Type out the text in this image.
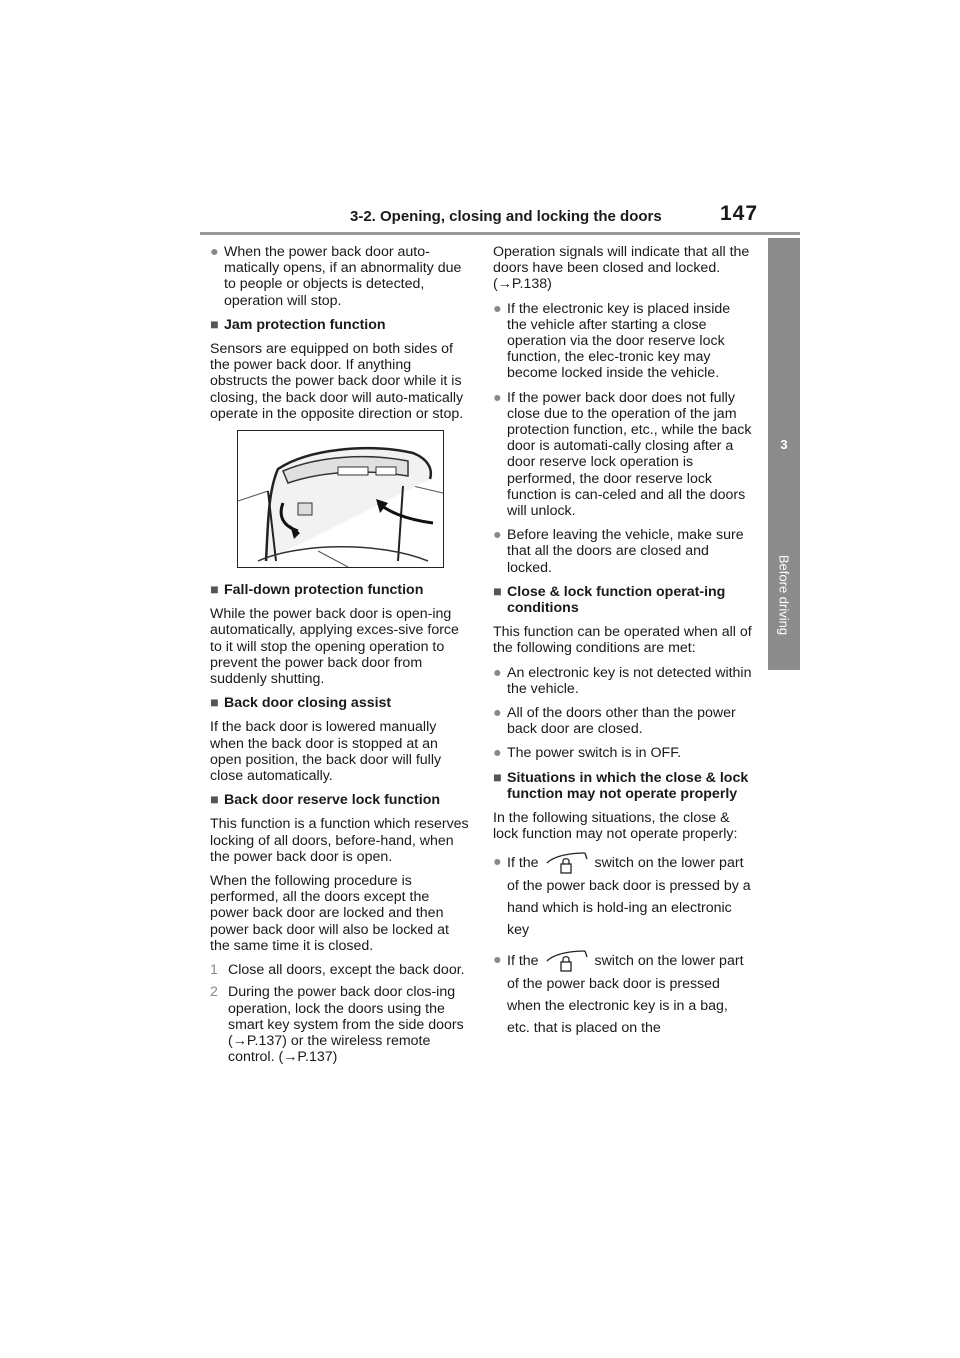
3-2. Opening, closing and locking the doors	147
3
Before driving
● When the power back door auto-matically opens, if an abnormality due to people or objects is detected, operation will stop.
■ Jam protection function

Sensors are equipped on both sides of the power back door. If anything obstructs the power back door while it is closing, the back door will auto-matically operate in the opposite direction or stop.

■ Fall-down protection function

While the power back door is open-ing automatically, applying exces-sive force to it will stop the opening operation to prevent the power back door from suddenly shutting.

■ Back door closing assist

If the back door is lowered manually when the back door is stopped at an open position, the back door will fully close automatically.

■ Back door reserve lock function

This function is a function which reserves locking of all doors, before-hand, when the power back door is open.

When the following procedure is performed, all the doors except the power back door are locked and then power back door will also be locked at the same time it is closed.

1 Close all doors, except the back door.
2 During the power back door clos-ing operation, lock the doors using the smart key system from the side doors (→P.137) or the wireless remote control. (→P.137)

Operation signals will indicate that all the doors have been closed and locked. (→P.138)

● If the electronic key is placed inside the vehicle after starting a close operation via the door reserve lock function, the elec-tronic key may become locked inside the vehicle.
● If the power back door does not fully close due to the operation of the jam protection function, etc., while the back door is automati-cally closing after a door reserve lock operation is performed, the door reserve lock function is can-celed and all the doors will unlock.
● Before leaving the vehicle, make sure that all the doors are closed and locked.
■ Close & lock function operat-ing conditions

This function can be operated when all of the following conditions are met:

● An electronic key is not detected within the vehicle.
● All of the doors other than the power back door are closed.
● The power switch is in OFF.
■ Situations in which the close & lock function may not operate properly

In the following situations, the close & lock function may not operate properly:

● If the	switch on the lower part of the power back door is pressed by a hand which is hold-ing an electronic key
● If the	switch on the lower part of the power back door is pressed when the electronic key is in a bag, etc. that is placed on the
